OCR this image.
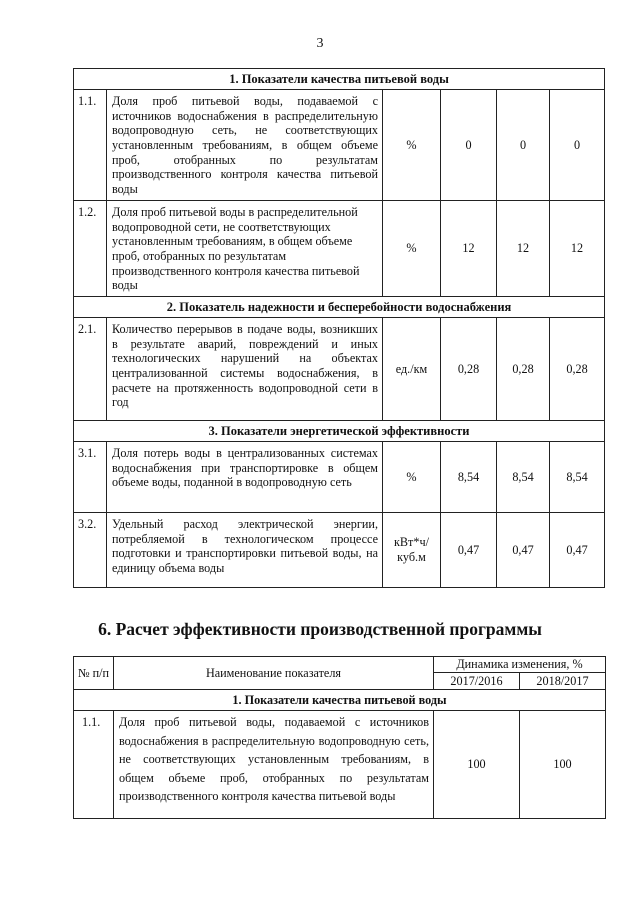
3
1. Показатели качества питьевой воды					
1.1.	Доля проб питьевой воды, подаваемой с источников водоснабжения в распределительную водопроводную сеть, не соответствующих установленным требованиям, в общем объеме проб, отобранных по результатам производственного контроля качества питьевой воды	%	0	0	0
1.2.	Доля проб питьевой воды в распределительной водопроводной сети, не соответствующих установленным требованиям, в общем объеме проб, отобранных по результатам производственного контроля качества питьевой воды	%	12	12	12
2. Показатель надежности и бесперебойности водоснабжения					
2.1.	Количество перерывов в подаче воды, возникших в результате аварий, повреждений и иных технологических нарушений на объектах централизованной системы водоснабжения, в расчете на протяженность водопроводной сети в год	ед./км	0,28	0,28	0,28
3. Показатели энергетической эффективности					
3.1.	Доля потерь воды в централизованных системах водоснабжения при транспортировке в общем объеме воды, поданной в водопроводную сеть	%	8,54	8,54	8,54
3.2.	Удельный расход электрической энергии, потребляемой в технологическом процессе подготовки и транспортировки питьевой воды, на единицу объема воды	кВт*ч/ куб.м	0,47	0,47	0,47
6. Расчет эффективности производственной программы
№ п/п	Наименование показателя	Динамика изменения, %	
		2017/2016	2018/2017
1. Показатели качества питьевой воды			
1.1.	Доля проб питьевой воды, подаваемой с источников водоснабжения в распределительную водопроводную сеть, не соответствующих установленным требованиям, в общем объеме проб, отобранных по результатам производственного контроля качества питьевой воды	100	100
